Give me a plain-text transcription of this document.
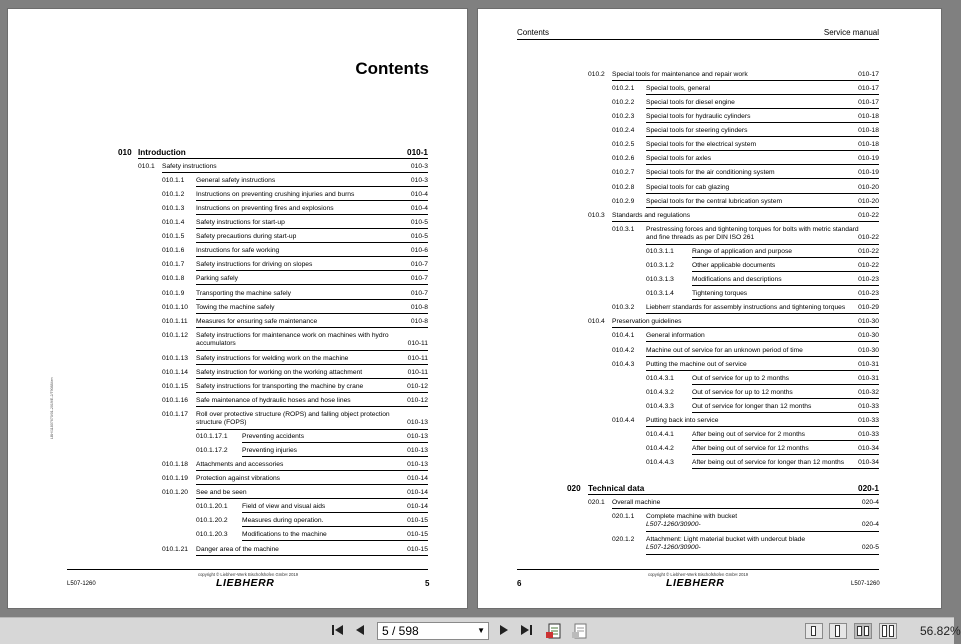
Contents
010 Introduction	010-1
010.1 Safety instructions	010-3
010.1.1 General safety instructions	010-3
010.1.2 Instructions on preventing crushing injuries and burns	010-4
010.1.3 Instructions on preventing fires and explosions	010-4
010.1.4 Safety instructions for start-up	010-5
010.1.5 Safety precautions during start-up	010-5
010.1.6 Instructions for safe working	010-6
010.1.7 Safety instructions for driving on slopes	010-7
010.1.8 Parking safely	010-7
010.1.9 Transporting the machine safely	010-7
010.1.10 Towing the machine safely	010-8
010.1.11 Measures for ensuring safe maintenance	010-8
010.1.12 Safety instructions for maintenance work on machines with hydro accumulators	010-11
010.1.13 Safety instructions for welding work on the machine	010-11
010.1.14 Safety instruction for working on the working attachment	010-11
010.1.15 Safety instructions for transporting the machine by crane	010-12
010.1.16 Safe maintenance of hydraulic hoses and hose lines	010-12
010.1.17 Roll over protective structure (ROPS) and falling object protection structure (FOPS)	010-13
010.1.17.1 Preventing accidents	010-13
010.1.17.2 Preventing injuries	010-13
010.1.18 Attachments and accessories	010-13
010.1.19 Protection against vibrations	010-14
010.1.20 See and be seen	010-14
010.1.20.1 Field of view and visual aids	010-14
010.1.20.2 Measures during operation.	010-15
010.1.20.3 Modifications to the machine	010-15
010.1.21 Danger area of the machine	010-15
LBH/11807670/01-2019/E-2/T90884en
L507-1260
copyright © Liebherr-Werk Bischofshofen GmbH 2019
LIEBHERR	5
Contents	Service manual
010.2 Special tools for maintenance and repair work	010-17
010.2.1 Special tools, general	010-17
010.2.2 Special tools for diesel engine	010-17
010.2.3 Special tools for hydraulic cylinders	010-18
010.2.4 Special tools for steering cylinders	010-18
010.2.5 Special tools for the electrical system	010-18
010.2.6 Special tools for axles	010-19
010.2.7 Special tools for the air conditioning system	010-19
010.2.8 Special tools for cab glazing	010-20
010.2.9 Special tools for the central lubrication system	010-20
010.3 Standards and regulations	010-22
010.3.1 Prestressing forces and tightening torques for bolts with metric standard and fine threads as per DIN ISO 261	010-22
010.3.1.1	Range of application and purpose	010-22
010.3.1.2	Other applicable documents	010-22
010.3.1.3	Modifications and descriptions	010-23
010.3.1.4	Tightening torques	010-23
010.3.2 Liebherr standards for assembly instructions and tightening torques 010-29
010.4 Preservation guidelines	010-30
010.4.1 General information	010-30
010.4.2 Machine out of service for an unknown period of time	010-30
010.4.3 Putting the machine out of service	010-31
010.4.3.1	Out of service for up to 2 months	010-31
010.4.3.2	Out of service for up to 12 months	010-32
010.4.3.3	Out of service for longer than 12 months	010-33
010.4.4 Putting back into service	010-33
010.4.4.1	After being out of service for 2 months	010-33
010.4.4.2	After being out of service for 12 months	010-34
010.4.4.3	After being out of service for longer than 12 months 010-34
020 Technical data	020-1
020.1 Overall machine	020-4
020.1.1 Complete machine with bucket
L507-1260/30900-	020-4
020.1.2 Attachment: Light material bucket with undercut blade
L507-1260/30900-	020-5
6
copyright © Liebherr-Werk Bischofshofen GmbH 2019
LIEBHERR	L507-1260
5 / 598	▼	56.82%
